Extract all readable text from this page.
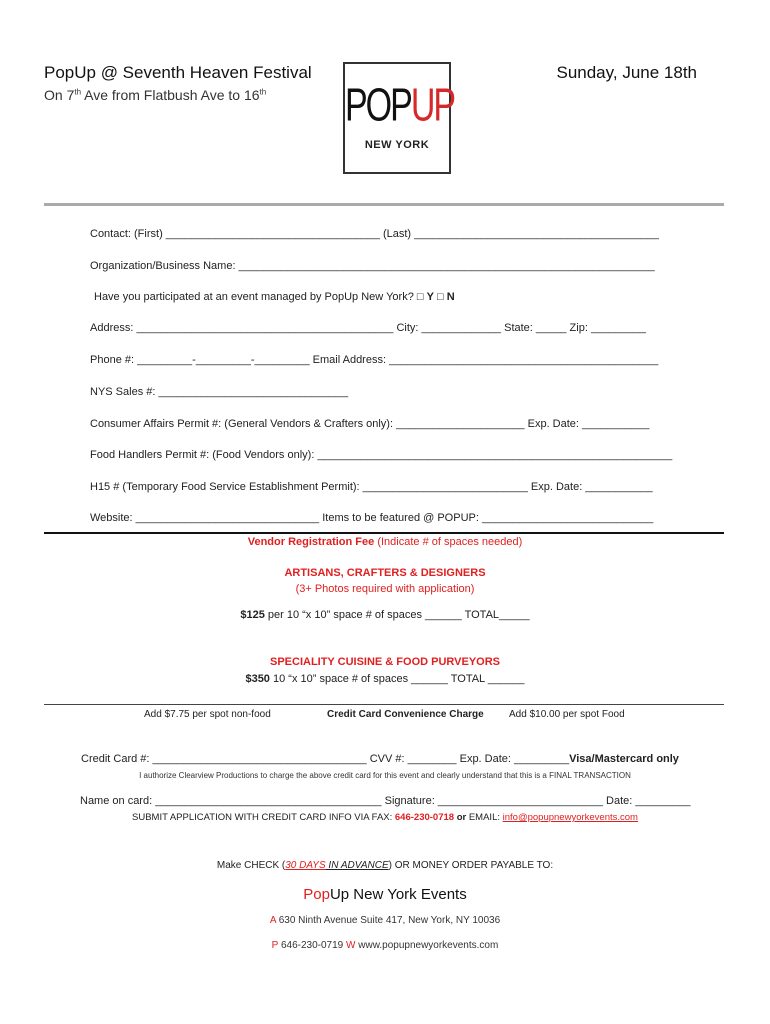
PopUp @ Seventh Heaven Festival	Sunday, June 18th
On 7th Ave from Flatbush Ave to 16th POPUP
NEW YORK
Contact: (First) ___________________________________ (Last) ________________________________________
Organization/Business Name: ____________________________________________________________________
Have you participated at an event managed by PopUp New York? □ Y □ N
Address: __________________________________________ City: _____________ State: _____ Zip: _________
Phone #: _________-_________-_________ Email Address: ____________________________________________
NYS Sales #: _______________________________
Consumer Affairs Permit #: (General Vendors & Crafters only): _____________________ Exp. Date: ___________
Food Handlers Permit #: (Food Vendors only): __________________________________________________________
H15 # (Temporary Food Service Establishment Permit): ___________________________ Exp. Date: ___________
Website: ______________________________ Items to be featured @ POPUP: ____________________________
Vendor Registration Fee (Indicate # of spaces needed)
ARTISANS, CRAFTERS & DESIGNERS
(3+ Photos required with application)
$125 per 10 “x 10” space # of spaces ______ TOTAL_____
SPECIALITY CUISINE & FOOD PURVEYORS
$350 10 “x 10” space # of spaces ______ TOTAL ______
Add $7.75 per spot non-food	Credit Card Convenience Charge	Add $10.00 per spot Food
Credit Card #: ___________________________________ CVV #: ________ Exp. Date: _________Visa/Mastercard only
I authorize Clearview Productions to charge the above credit card for this event and clearly understand that this is a FINAL TRANSACTION
Name on card: _____________________________________ Signature: ___________________________ Date: _________
SUBMIT APPLICATION WITH CREDIT CARD INFO VIA FAX: 646-230-0718 or EMAIL: info@popupnewyorkevents.com
Make CHECK (30 DAYS IN ADVANCE) OR MONEY ORDER PAYABLE TO:
PopUp New York Events
A 630 Ninth Avenue Suite 417, New York, NY 10036
P 646-230-0719 W www.popupnewyorkevents.com
